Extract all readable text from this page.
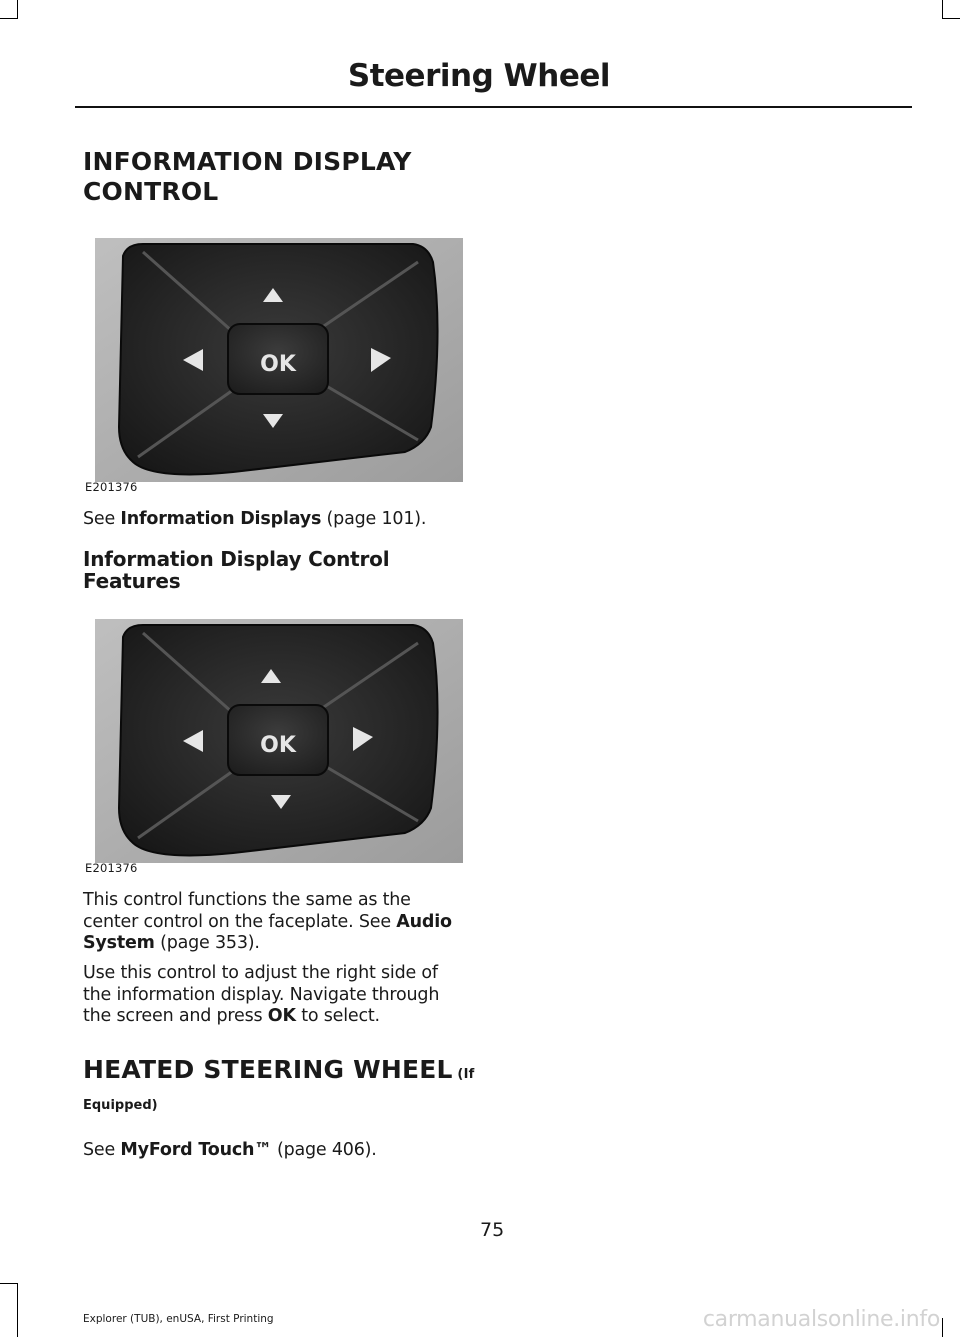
Steering Wheel

INFORMATION DISPLAY
CONTROL

OK
E201376

See Information Displays (page 101).

Information Display Control
Features

OK
E201376

This control functions the same as the
center control on the faceplate. See Audio
System (page 353).

Use this control to adjust the right side of
the information display. Navigate through
the screen and press OK to select.

HEATED STEERING WHEEL (If

Equipped)

See MyFord Touch™ (page 406).

75
Explorer (TUB), enUSA, First Printing	carmanualsonline.info
